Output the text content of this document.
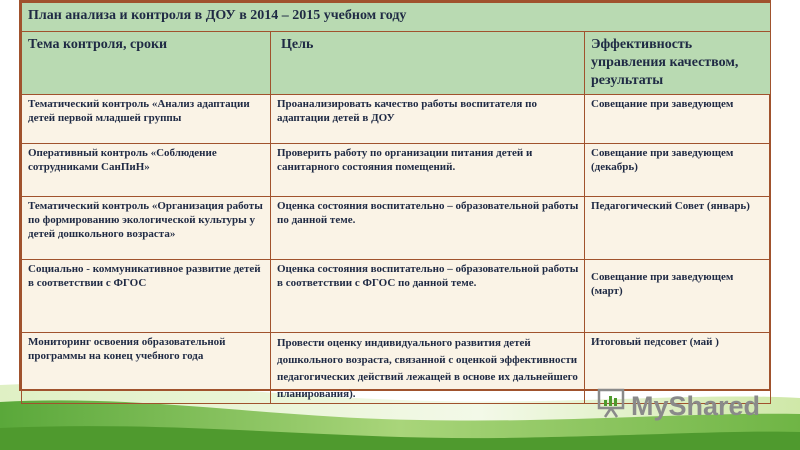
План анализа и контроля в ДОУ в 2014 – 2015 учебном году		
Тема контроля, сроки	Цель	Эффективность управления качеством, результаты
Тематический контроль «Анализ адаптации детей первой младшей группы	Проанализировать качество работы воспитателя по адаптации детей в ДОУ	Совещание при заведующем
Оперативный контроль «Соблюдение сотрудниками СанПиН»	Проверить работу по организации питания детей и санитарного состояния помещений.	Совещание при заведующем (декабрь)
Тематический контроль «Организация работы по формированию экологической культуры у детей дошкольного возраста»	Оценка состояния воспитательно – образовательной работы по данной теме.	Педагогический Совет (январь)
Социально - коммуникативное развитие детей в соответствии с ФГОС	Оценка состояния воспитательно – образовательной работы в соответствии с ФГОС по данной теме.	Совещание при заведующем (март)
Мониторинг освоения образовательной программы на конец учебного года	Провести оценку индивидуального развития детей дошкольного возраста, связанной с оценкой эффективности педагогических действий лежащей в основе их дальнейшего планирования).	Итоговый педсовет (май )
MyShared
